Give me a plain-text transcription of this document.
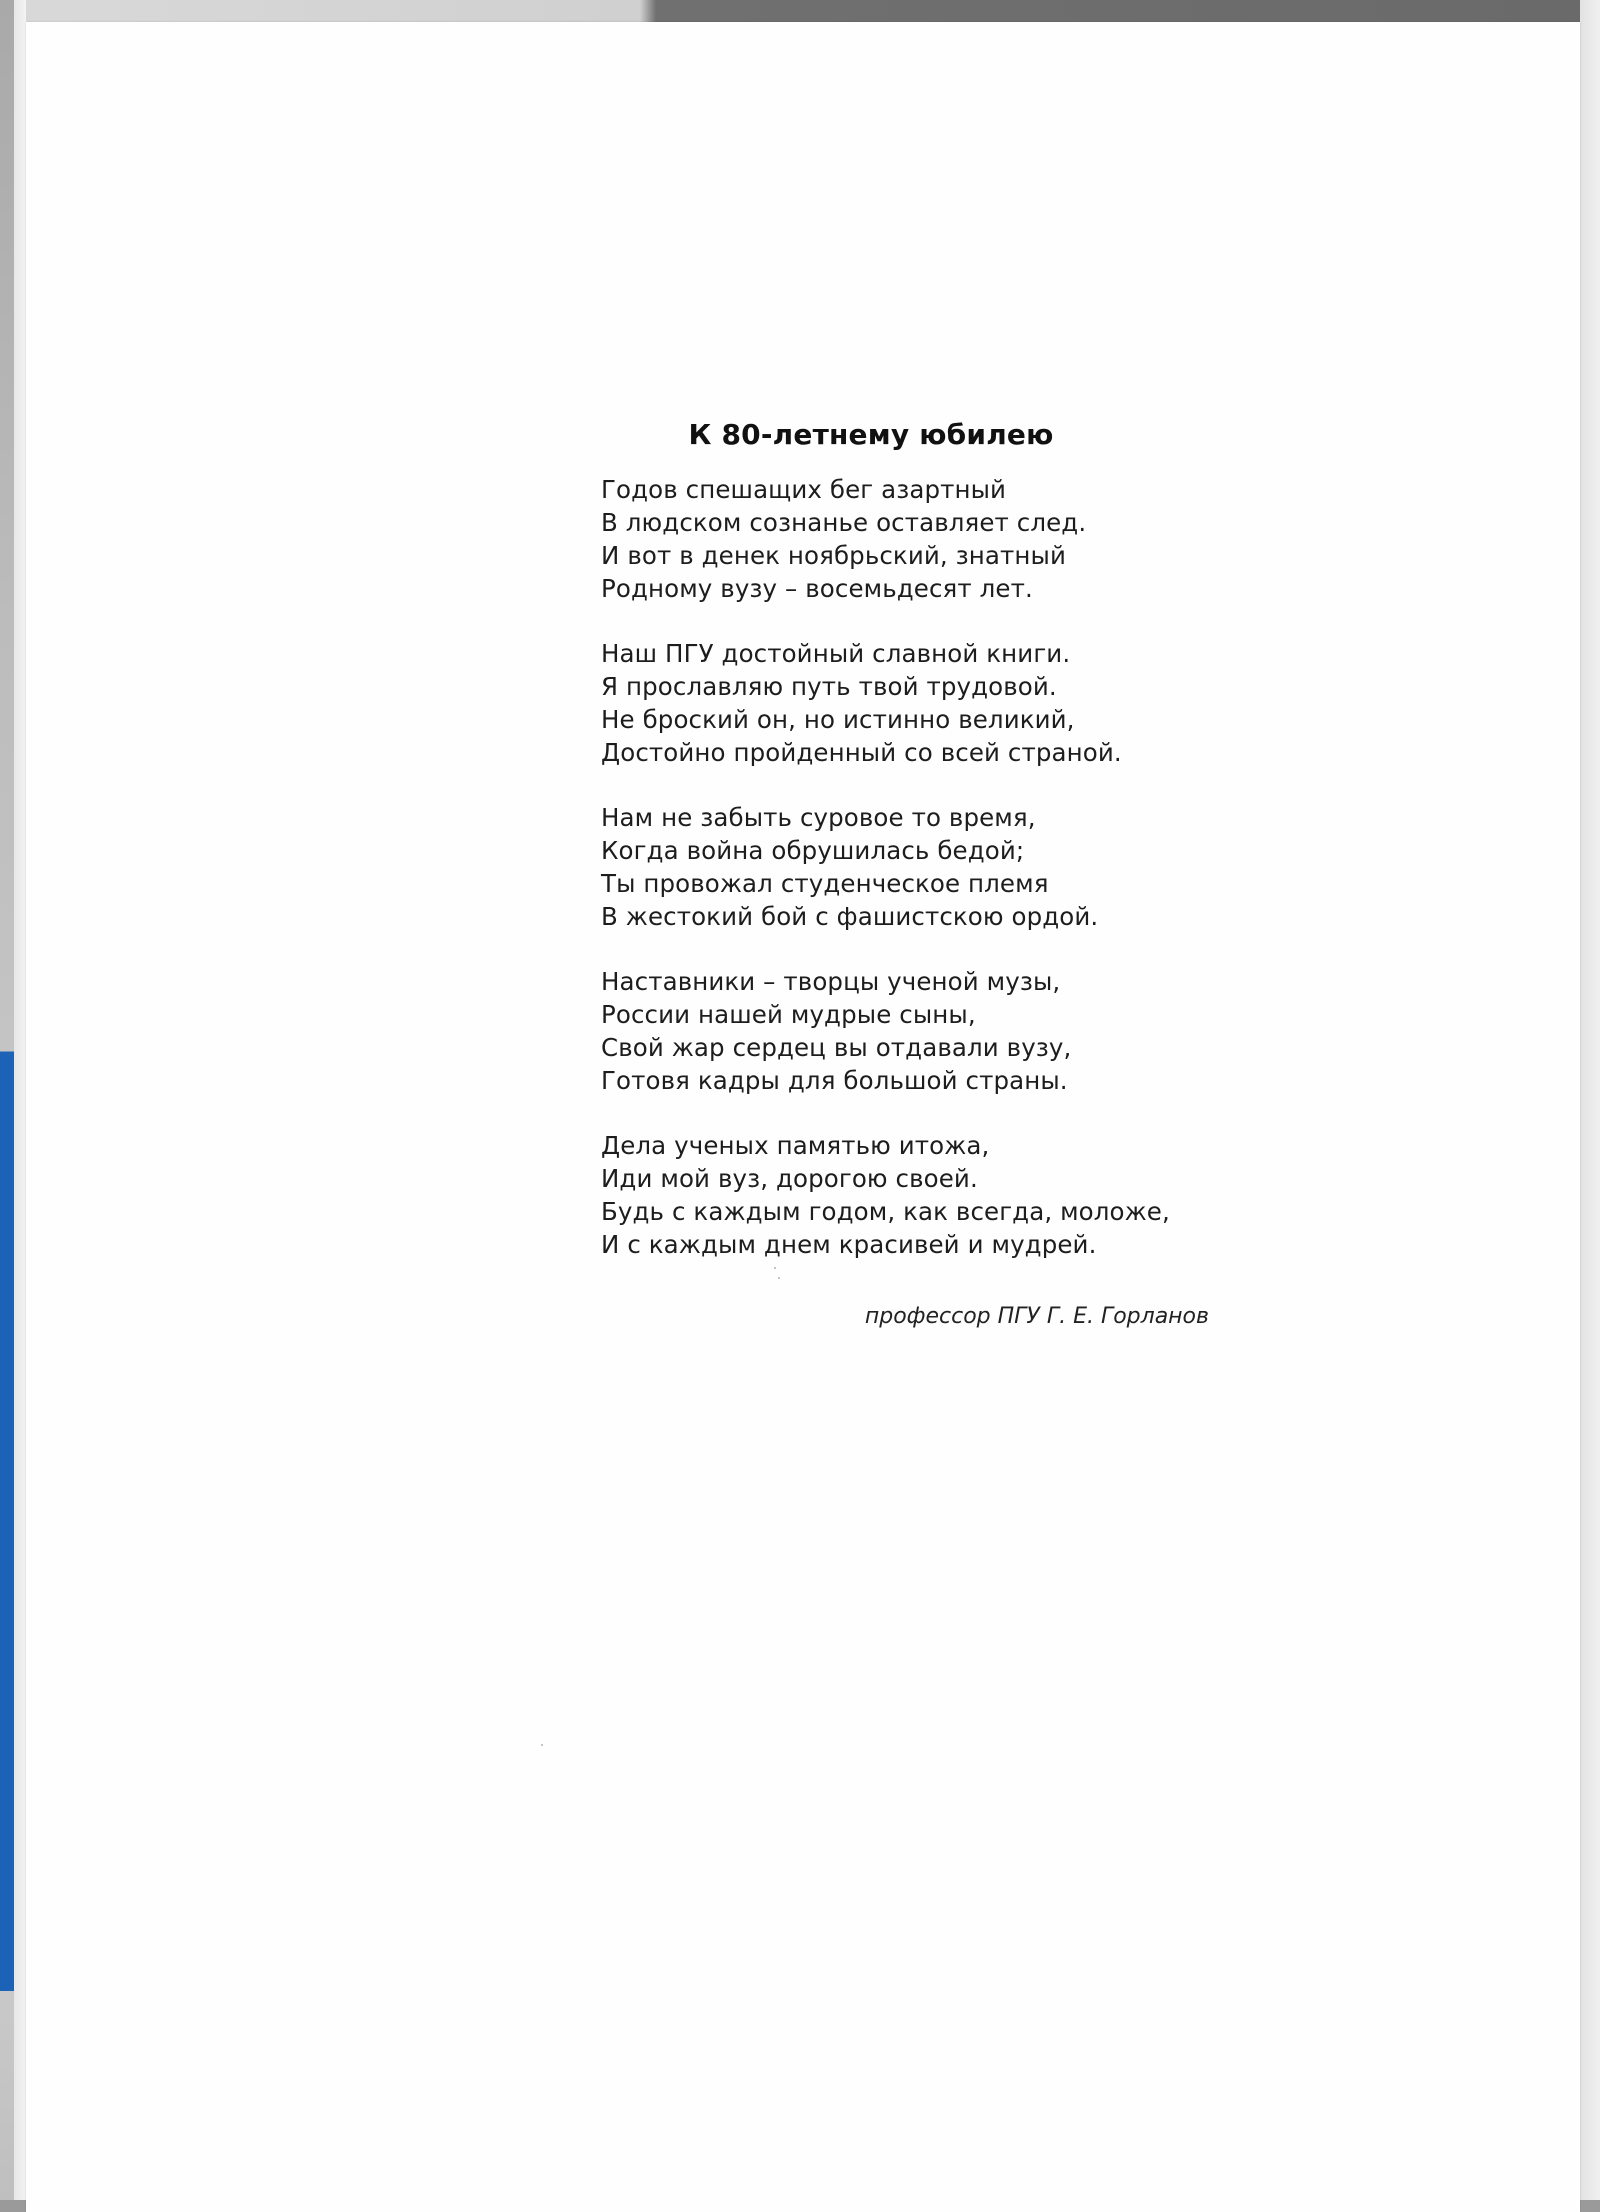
К 80-летнему юбилею
Годов спешащих бег азартный
В людском сознанье оставляет след.
И вот в денек ноябрьский, знатный
Родному вузу – восемьдесят лет.
Наш ПГУ достойный славной книги.
Я прославляю путь твой трудовой.
Не броский он, но истинно великий,
Достойно пройденный со всей страной.
Нам не забыть суровое то время,
Когда война обрушилась бедой;
Ты провожал студенческое племя
В жестокий бой с фашистскою ордой.
Наставники – творцы ученой музы,
России нашей мудрые сыны,
Свой жар сердец вы отдавали вузу,
Готовя кадры для большой страны.
Дела ученых памятью итожа,
Иди мой вуз, дорогою своей.
Будь с каждым годом, как всегда, моложе,
И с каждым днем красивей и мудрей.
профессор ПГУ Г. Е. Горланов
